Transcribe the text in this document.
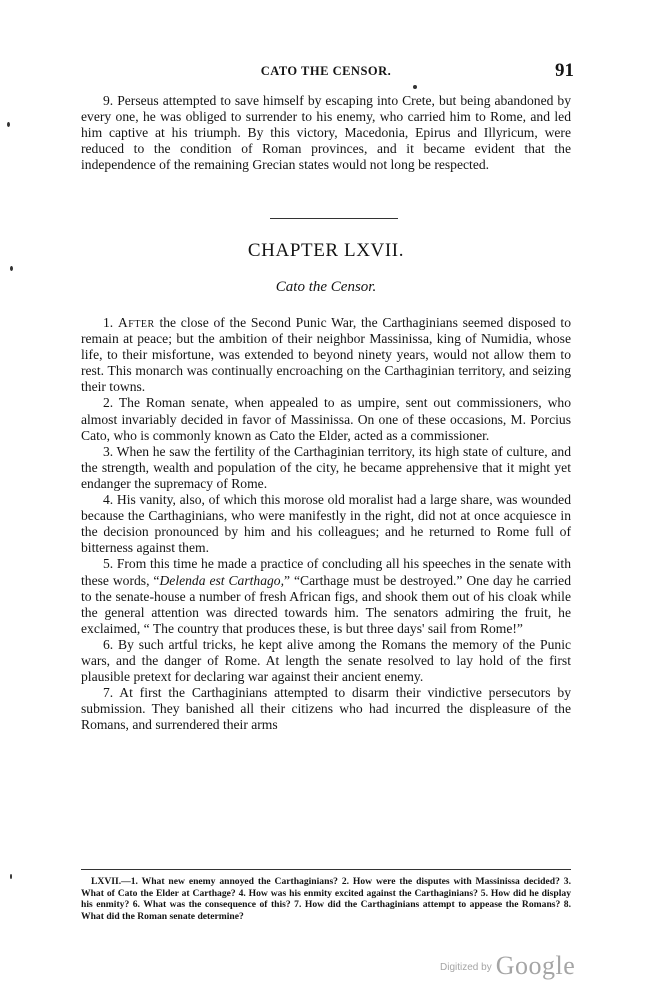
CATO THE CENSOR.	91

9. Perseus attempted to save himself by escaping into Crete, but being abandoned by every one, he was obliged to surrender to his enemy, who carried him to Rome, and led him captive at his triumph. By this victory, Macedonia, Epirus and Illyricum, were reduced to the condition of Roman provinces, and it became evident that the independence of the remaining Grecian states would not long be respected.

CHAPTER LXVII.
Cato the Censor.

1. After the close of the Second Punic War, the Carthaginians seemed disposed to remain at peace; but the ambition of their neighbor Massinissa, king of Numidia, whose life, to their misfortune, was extended to beyond ninety years, would not allow them to rest. This monarch was continually encroaching on the Carthaginian territory, and seizing their towns.

2. The Roman senate, when appealed to as umpire, sent out commissioners, who almost invariably decided in favor of Massinissa. On one of these occasions, M. Porcius Cato, who is commonly known as Cato the Elder, acted as a commissioner.

3. When he saw the fertility of the Carthaginian territory, its high state of culture, and the strength, wealth and population of the city, he became apprehensive that it might yet endanger the supremacy of Rome.

4. His vanity, also, of which this morose old moralist had a large share, was wounded because the Carthaginians, who were manifestly in the right, did not at once acquiesce in the decision pronounced by him and his colleagues; and he returned to Rome full of bitterness against them.

5. From this time he made a practice of concluding all his speeches in the senate with these words, “Delenda est Carthago,” “Carthage must be destroyed.” One day he carried to the senate-house a number of fresh African figs, and shook them out of his cloak while the general attention was directed towards him. The senators admiring the fruit, he exclaimed, “ The country that produces these, is but three days' sail from Rome!”

6. By such artful tricks, he kept alive among the Romans the memory of the Punic wars, and the danger of Rome. At length the senate resolved to lay hold of the first plausible pretext for declaring war against their ancient enemy.

7. At first the Carthaginians attempted to disarm their vindictive persecutors by submission. They banished all their citizens who had incurred the displeasure of the Romans, and surrendered their arms

LXVII.—1. What new enemy annoyed the Carthaginians? 2. How were the disputes with Massinissa decided? 3. What of Cato the Elder at Carthage? 4. How was his enmity excited against the Carthaginians? 5. How did he display his enmity? 6. What was the consequence of this? 7. How did the Carthaginians attempt to appease the Romans? 8. What did the Roman senate determine?

$^{Digitized by}$ Google
